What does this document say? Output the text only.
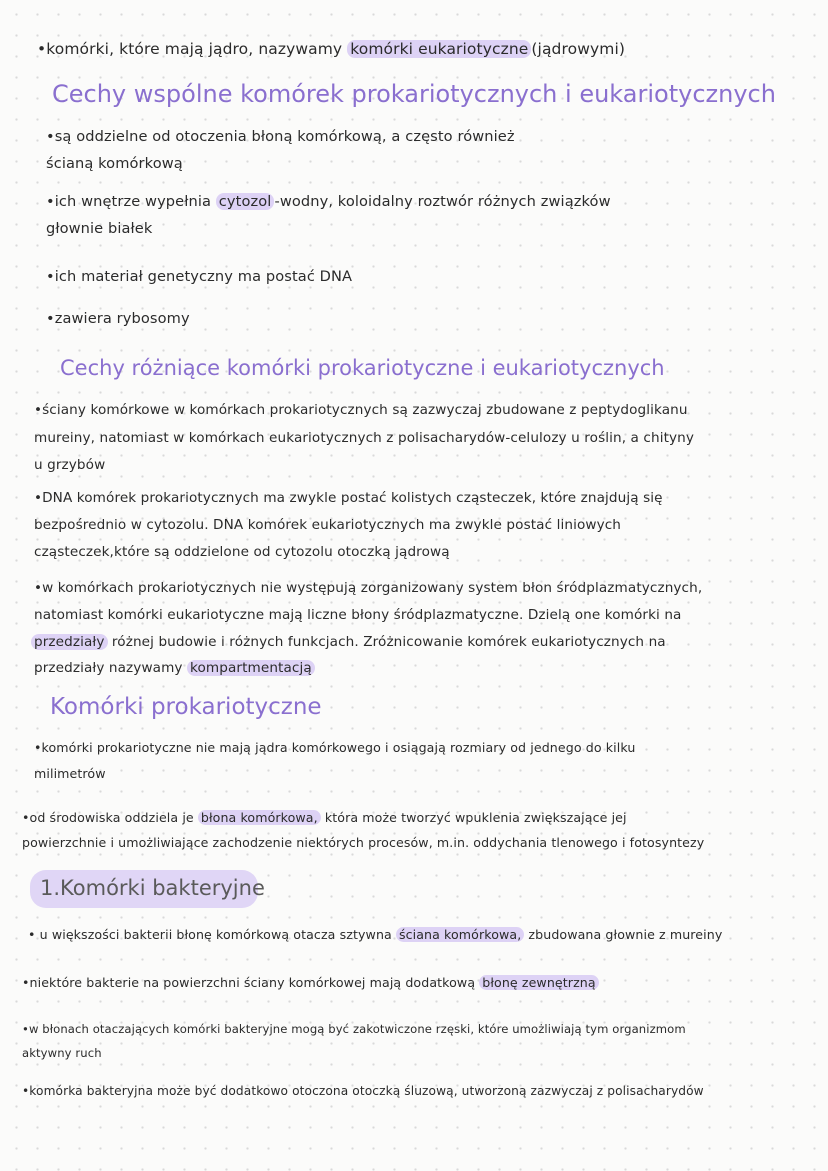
•komórki, które mają jądro, nazywamy komórki eukariotyczne (jądrowymi)
Cechy wspólne komórek prokariotycznych i eukariotycznych
•są oddzielne od otoczenia błoną komórkową, a często również
ścianą komórkową
•ich wnętrze wypełnia cytozol -wodny, koloidalny roztwór różnych związków
głownie białek
•ich materiał genetyczny ma postać DNA
•zawiera rybosomy
Cechy różniące komórki prokariotyczne i eukariotycznych
•ściany komórkowe w komórkach prokariotycznych są zazwyczaj zbudowane z peptydoglikanu
mureiny, natomiast w komórkach eukariotycznych z polisacharydów-celulozy u roślin, a chityny
u grzybów
•DNA komórek prokariotycznych ma zwykle postać kolistych cząsteczek, które znajdują się
bezpośrednio w cytozolu. DNA komórek eukariotycznych ma zwykle postać liniowych
cząsteczek,które są oddzielone od cytozolu otoczką jądrową
•w komórkach prokariotycznych nie występują zorganizowany system błon śródplazmatycznych,
natomiast komórki eukariotyczne mają liczne błony śródplazmatyczne. Dzielą one komórki na
przedziały różnej budowie i różnych funkcjach. Zróżnicowanie komórek eukariotycznych na
przedziały nazywamy kompartmentacją
Komórki prokariotyczne
•komórki prokariotyczne nie mają jądra komórkowego i osiągają rozmiary od jednego do kilku
milimetrów
•od środowiska oddziela je błona komórkowa, która może tworzyć wpuklenia zwiększające jej
powierzchnie i umożliwiające zachodzenie niektórych procesów, m.in. oddychania tlenowego i fotosyntezy
1.Komórki bakteryjne
• u większości bakterii błonę komórkową otacza sztywna ściana komórkowa, zbudowana głownie z mureiny
•niektóre bakterie na powierzchni ściany komórkowej mają dodatkową błonę zewnętrzną
•w błonach otaczających komórki bakteryjne mogą być zakotwiczone rzęski, które umożliwiają tym organizmom
aktywny ruch
•komórka bakteryjna może być dodatkowo otoczona otoczką śluzową, utworzoną zazwyczaj z polisacharydów
